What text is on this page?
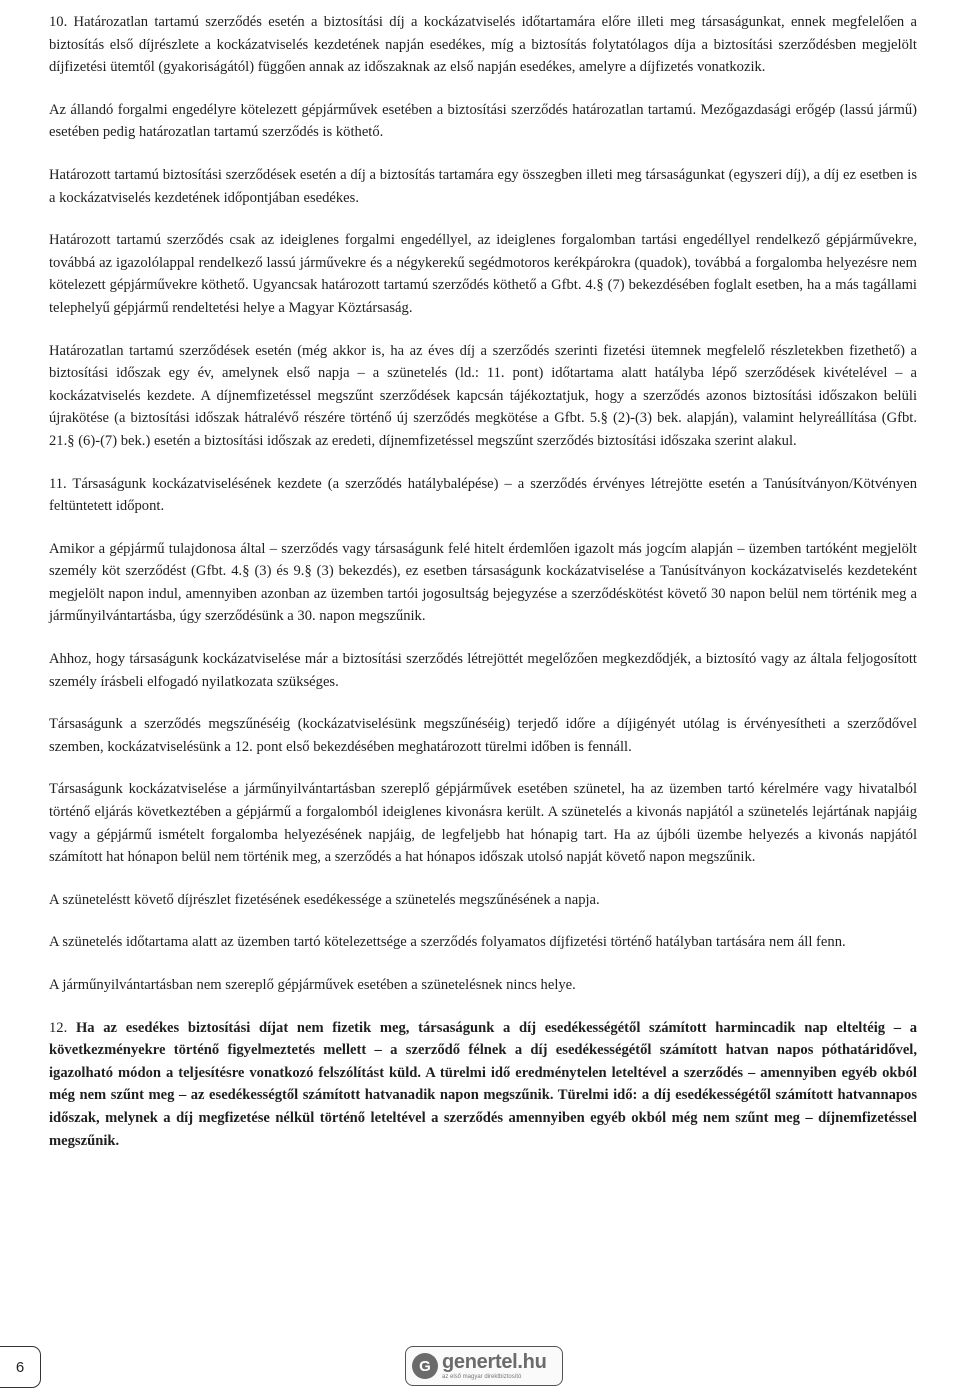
10. Határozatlan tartamú szerződés esetén a biztosítási díj a kockázatviselés időtartamára előre illeti meg társaságunkat, ennek megfelelően a biztosítás első díjrészlete a kockázatviselés kezdetének napján esedékes, míg a biztosítás folytatólagos díja a biztosítási szerződésben megjelölt díjfizetési ütemtől (gyakoriságától) függően annak az időszaknak az első napján esedékes, amelyre a díjfizetés vonatkozik.

Az állandó forgalmi engedélyre kötelezett gépjárművek esetében a biztosítási szerződés határozatlan tartamú. Mezőgazdasági erőgép (lassú jármű) esetében pedig határozatlan tartamú szerződés is köthető.

Határozott tartamú biztosítási szerződések esetén a díj a biztosítás tartamára egy összegben illeti meg társaságunkat (egyszeri díj), a díj ez esetben is a kockázatviselés kezdetének időpontjában esedékes.

Határozott tartamú szerződés csak az ideiglenes forgalmi engedéllyel, az ideiglenes forgalomban tartási engedéllyel rendelkező gépjárművekre, továbbá az igazolólappal rendelkező lassú járművekre és a négykerekű segédmotoros kerékpárokra (quadok), továbbá a forgalomba helyezésre nem kötelezett gépjárművekre köthető. Ugyancsak határozott tartamú szerződés köthető a Gfbt. 4.§ (7) bekezdésében foglalt esetben, ha a más tagállami telephelyű gépjármű rendeltetési helye a Magyar Köztársaság.

Határozatlan tartamú szerződések esetén (még akkor is, ha az éves díj a szerződés szerinti fizetési ütemnek megfelelő részletekben fizethető) a biztosítási időszak egy év, amelynek első napja – a szünetelés (ld.: 11. pont) időtartama alatt hatályba lépő szerződések kivételével – a kockázatviselés kezdete. A díjnemfizetéssel megszűnt szerződések kapcsán tájékoztatjuk, hogy a szerződés azonos biztosítási időszakon belüli újrakötése (a biztosítási időszak hátralévő részére történő új szerződés megkötése a Gfbt. 5.§ (2)-(3) bek. alapján), valamint helyreállítása (Gfbt. 21.§ (6)-(7) bek.) esetén a biztosítási időszak az eredeti, díjnemfizetéssel megszűnt szerződés biztosítási időszaka szerint alakul.

11. Társaságunk kockázatviselésének kezdete (a szerződés hatálybalépése) – a szerződés érvényes létrejötte esetén a Tanúsítványon/Kötvényen feltüntetett időpont.

Amikor a gépjármű tulajdonosa által – szerződés vagy társaságunk felé hitelt érdemlően igazolt más jogcím alapján – üzemben tartóként megjelölt személy köt szerződést (Gfbt. 4.§ (3) és 9.§ (3) bekezdés), ez esetben társaságunk kockázatviselése a Tanúsítványon kockázatviselés kezdeteként megjelölt napon indul, amennyiben azonban az üzemben tartói jogosultság bejegyzése a szerződéskötést követő 30 napon belül nem történik meg a járműnyilvántartásba, úgy szerződésünk a 30. napon megszűnik.

Ahhoz, hogy társaságunk kockázatviselése már a biztosítási szerződés létrejöttét megelőzően megkezdődjék, a biztosító vagy az általa feljogosított személy írásbeli elfogadó nyilatkozata szükséges.

Társaságunk a szerződés megszűnéséig (kockázatviselésünk megszűnéséig) terjedő időre a díjigényét utólag is érvényesítheti a szerződővel szemben, kockázatviselésünk a 12. pont első bekezdésében meghatározott türelmi időben is fennáll.

Társaságunk kockázatviselése a járműnyilvántartásban szereplő gépjárművek esetében szünetel, ha az üzemben tartó kérelmére vagy hivatalból történő eljárás következtében a gépjármű a forgalomból ideiglenes kivonásra került. A szünetelés a kivonás napjától a szünetelés lejártának napjáig vagy a gépjármű ismételt forgalomba helyezésének napjáig, de legfeljebb hat hónapig tart. Ha az újbóli üzembe helyezés a kivonás napjától számított hat hónapon belül nem történik meg, a szerződés a hat hónapos időszak utolsó napját követő napon megszűnik.

A szüneteléstt követő díjrészlet fizetésének esedékessége a szünetelés megszűnésének a napja.

A szünetelés időtartama alatt az üzemben tartó kötelezettsége a szerződés folyamatos díjfizetési történő hatályban tartására nem áll fenn.

A járműnyilvántartásban nem szereplő gépjárművek esetében a szünetelésnek nincs helye.

12. Ha az esedékes biztosítási díjat nem fizetik meg, társaságunk a díj esedékességétől számított harmincadik nap elteltéig – a következményekre történő figyelmeztetés mellett – a szerződő félnek a díj esedékességétől számított hatvan napos póthatáridővel, igazolható módon a teljesítésre vonatkozó felszólítást küld. A türelmi idő eredménytelen leteltével a szerződés – amennyiben egyéb okból még nem szűnt meg – az esedékességtől számított hatvanadik napon megszűnik. Türelmi idő: a díj esedékességétől számított hatvannapos időszak, melynek a díj megfizetése nélkül történő leteltével a szerződés amennyiben egyéb okból még nem szűnt meg – díjnemfizetéssel megszűnik.

6	G genertel.hu
az első magyar direktbiztosító
